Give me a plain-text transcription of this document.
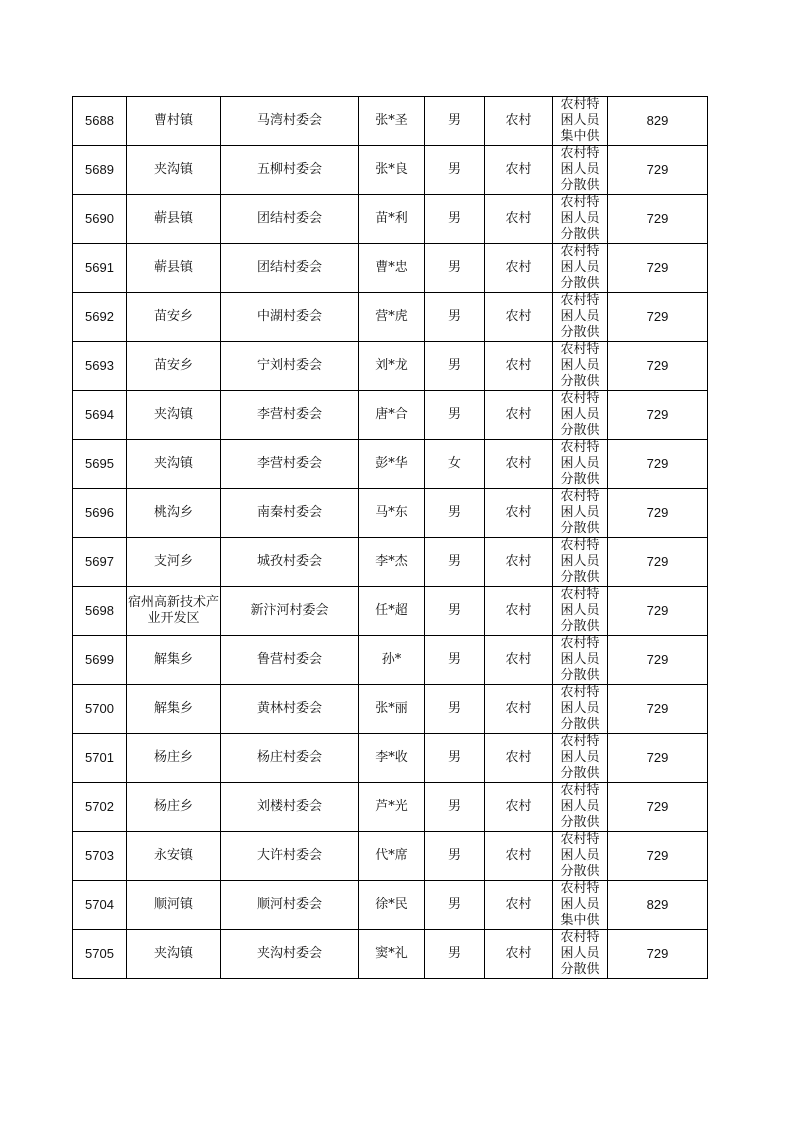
5688	曹村镇	马湾村委会	张*圣	男	农村	农村特困人员集中供	829
5689	夹沟镇	五柳村委会	张*良	男	农村	农村特困人员分散供	729
5690	蕲县镇	团结村委会	苗*利	男	农村	农村特困人员分散供	729
5691	蕲县镇	团结村委会	曹*忠	男	农村	农村特困人员分散供	729
5692	苗安乡	中湖村委会	营*虎	男	农村	农村特困人员分散供	729
5693	苗安乡	宁刘村委会	刘*龙	男	农村	农村特困人员分散供	729
5694	夹沟镇	李营村委会	唐*合	男	农村	农村特困人员分散供	729
5695	夹沟镇	李营村委会	彭*华	女	农村	农村特困人员分散供	729
5696	桃沟乡	南秦村委会	马*东	男	农村	农村特困人员分散供	729
5697	支河乡	城孜村委会	李*杰	男	农村	农村特困人员分散供	729
5698	宿州高新技术产业开发区	新汴河村委会	任*超	男	农村	农村特困人员分散供	729
5699	解集乡	鲁营村委会	孙*	男	农村	农村特困人员分散供	729
5700	解集乡	黄林村委会	张*丽	男	农村	农村特困人员分散供	729
5701	杨庄乡	杨庄村委会	李*收	男	农村	农村特困人员分散供	729
5702	杨庄乡	刘楼村委会	芦*光	男	农村	农村特困人员分散供	729
5703	永安镇	大许村委会	代*席	男	农村	农村特困人员分散供	729
5704	顺河镇	顺河村委会	徐*民	男	农村	农村特困人员集中供	829
5705	夹沟镇	夹沟村委会	窦*礼	男	农村	农村特困人员分散供	729
